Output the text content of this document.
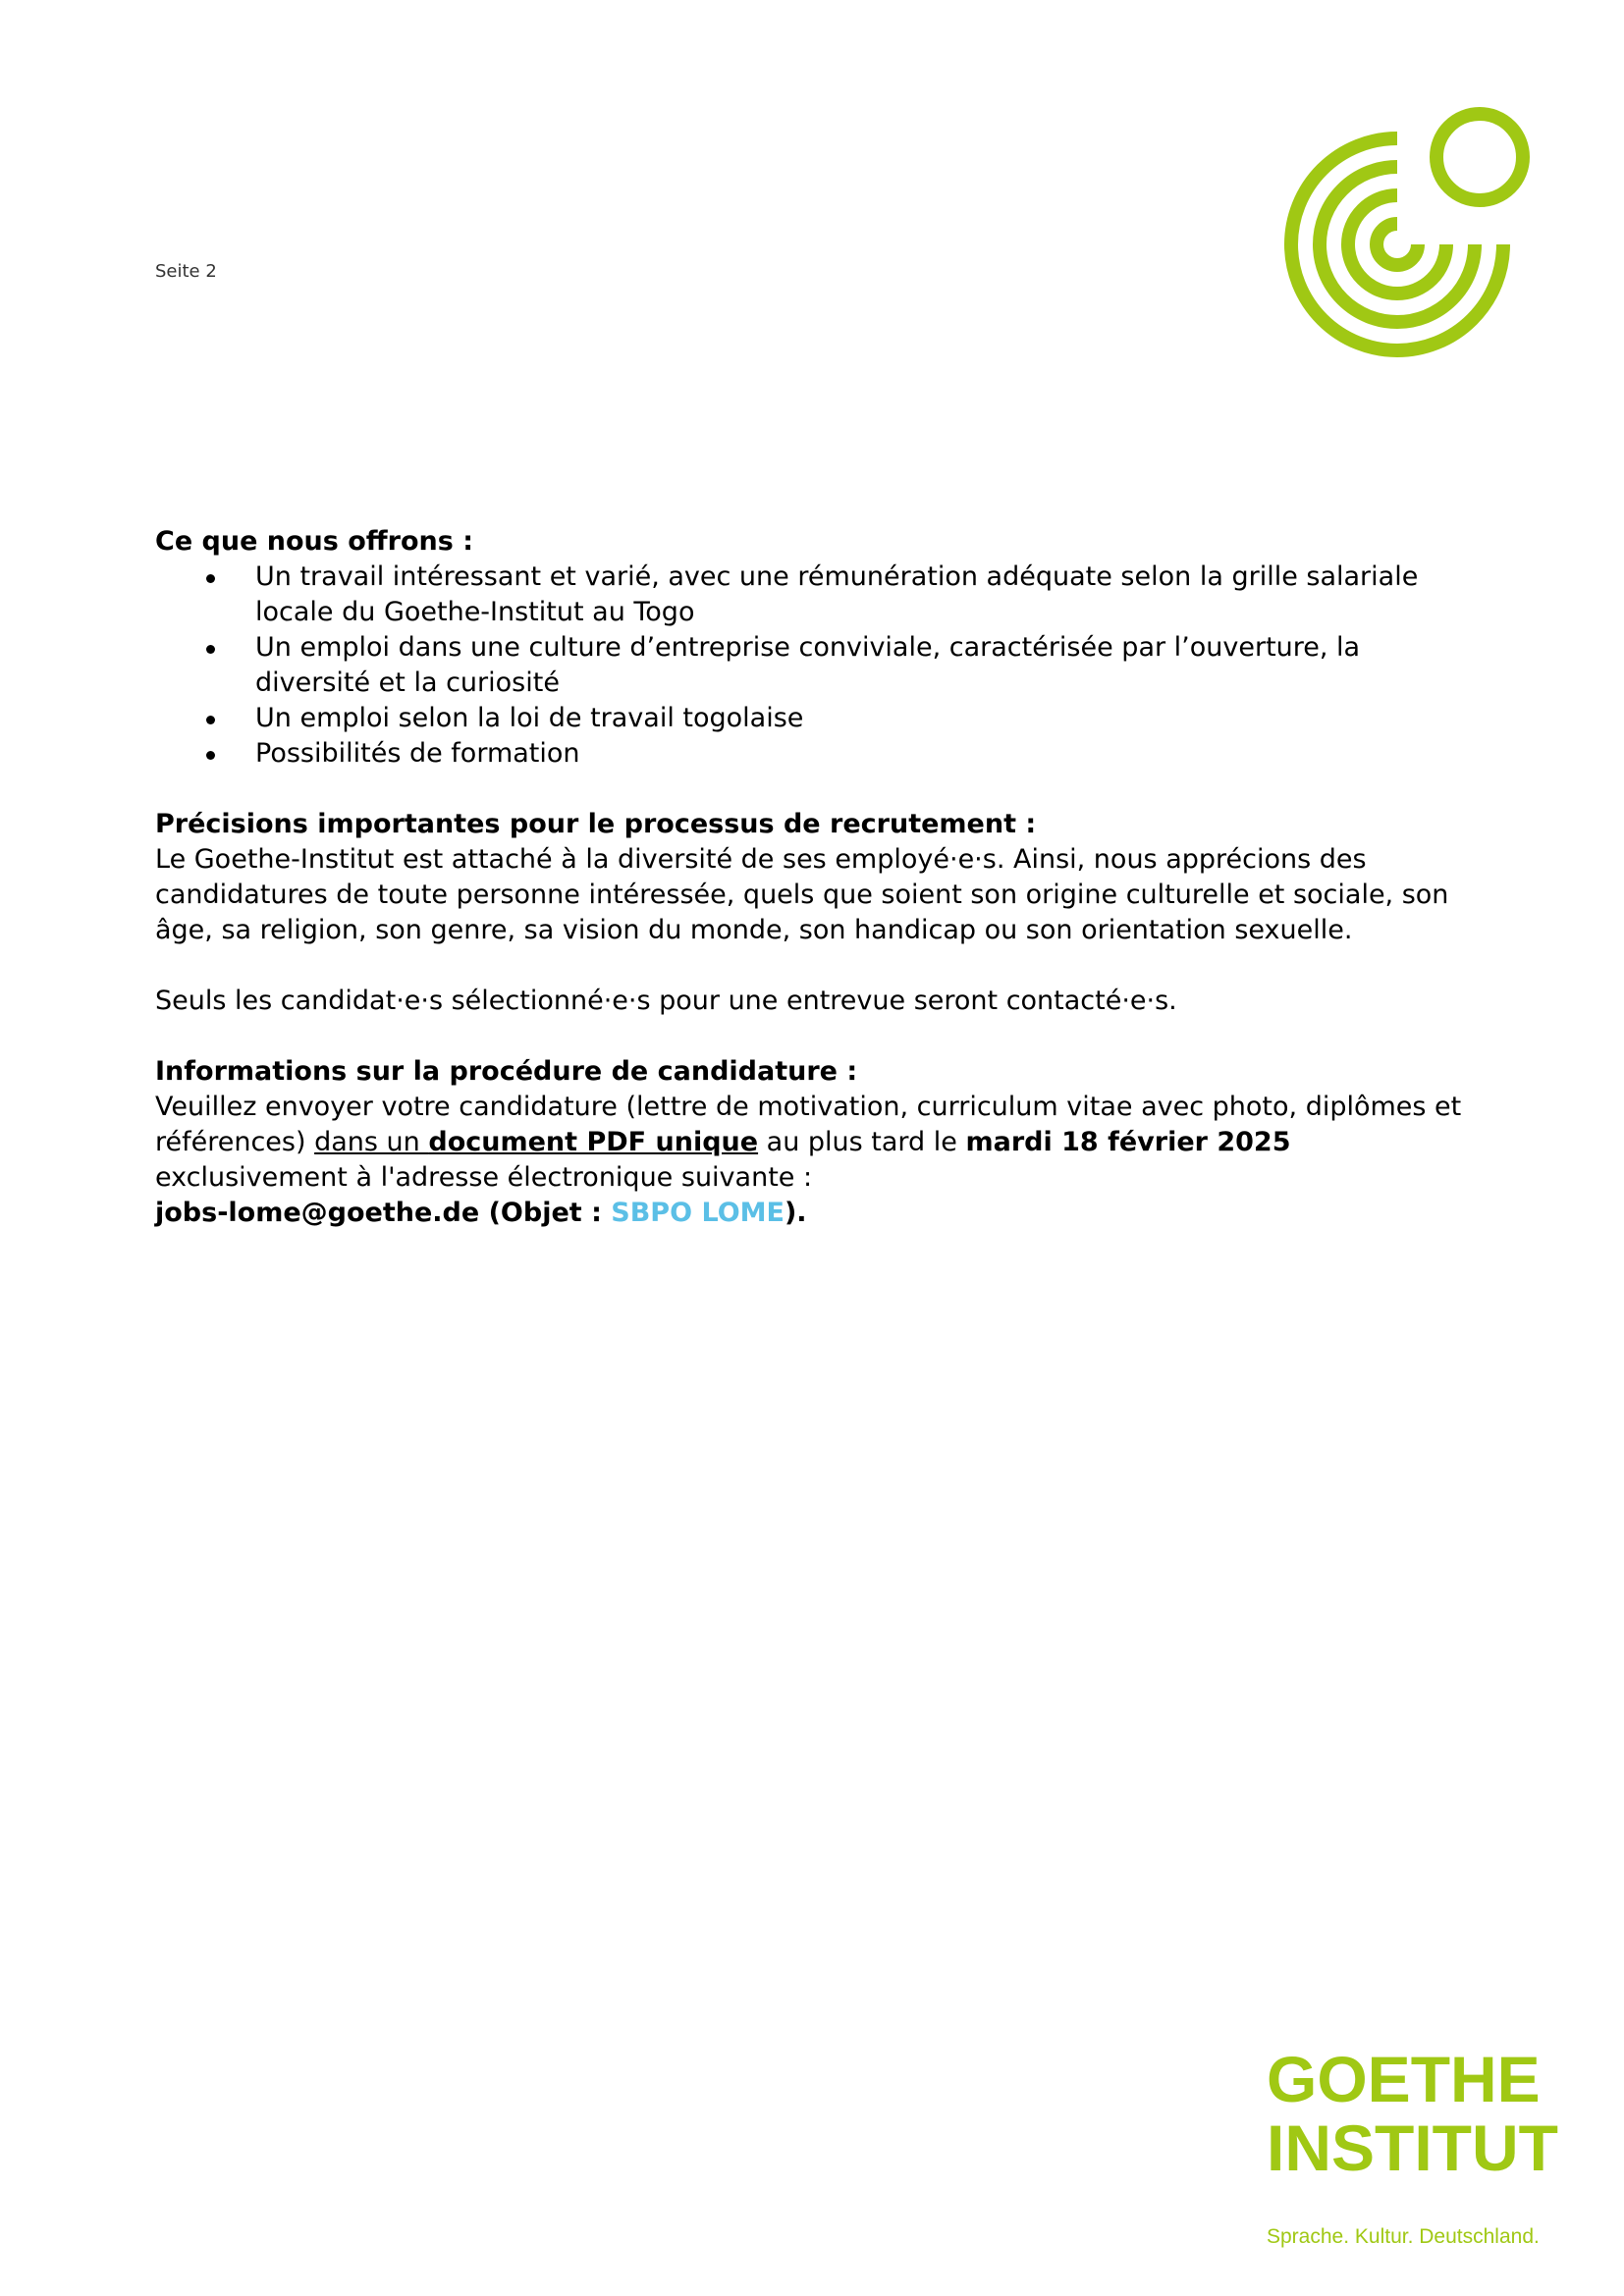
Seite 2

Ce que nous offrons :

Un travail intéressant et varié, avec une rémunération adéquate selon la grille salariale locale du Goethe-Institut au Togo
Un emploi dans une culture d’entreprise conviviale, caractérisée par l’ouverture, la diversité et la curiosité
Un emploi selon la loi de travail togolaise
Possibilités de formation

Précisions importantes pour le processus de recrutement :

Le Goethe-Institut est attaché à la diversité de ses employé·e·s. Ainsi, nous apprécions des candidatures de toute personne intéressée, quels que soient son origine culturelle et sociale, son âge, sa religion, son genre, sa vision du monde, son handicap ou son orientation sexuelle.

Seuls les candidat·e·s sélectionné·e·s pour une entrevue seront contacté·e·s.

Informations sur la procédure de candidature :

Veuillez envoyer votre candidature (lettre de motivation, curriculum vitae avec photo, diplômes et références) dans un document PDF unique au plus tard le mardi 18 février 2025 exclusivement à l'adresse électronique suivante :

jobs-lome@goethe.de (Objet : SBPO LOME).

GOETHE
INSTITUT
Sprache. Kultur. Deutschland.
